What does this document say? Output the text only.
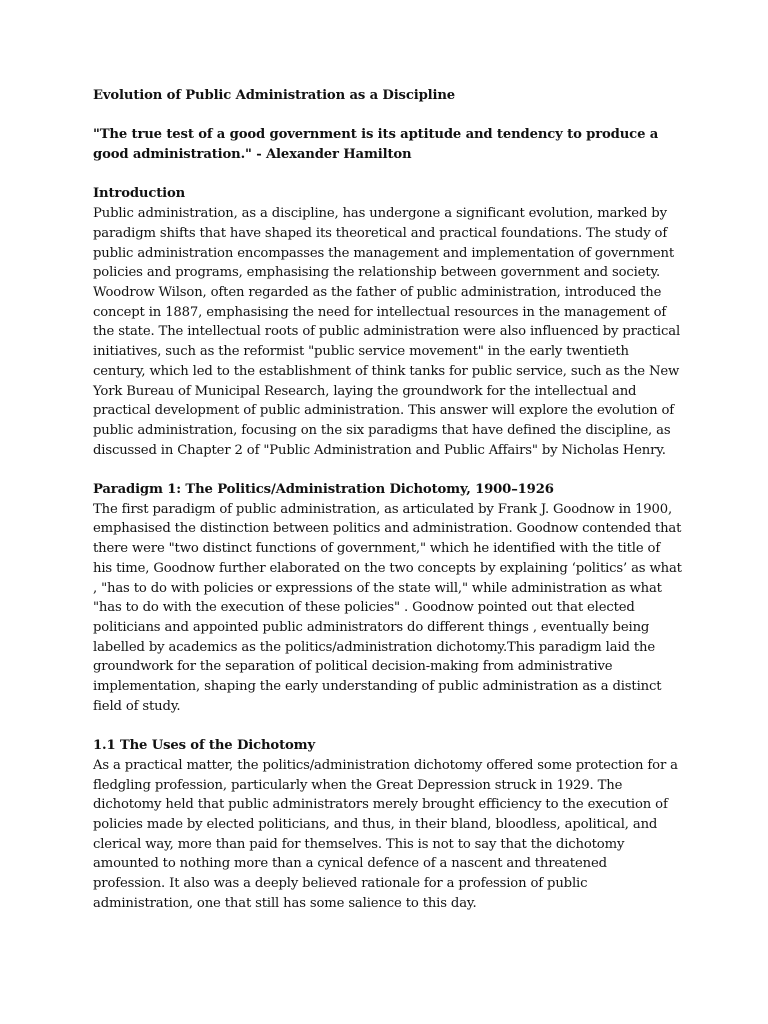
Evolution of Public Administration as a Discipline

"The true test of a good government is its aptitude and tendency to produce a good administration." - Alexander Hamilton

Introduction

Public administration, as a discipline, has undergone a significant evolution, marked by paradigm shifts that have shaped its theoretical and practical foundations. The study of public administration encompasses the management and implementation of government policies and programs, emphasising the relationship between government and society. Woodrow Wilson, often regarded as the father of public administration, introduced the concept in 1887, emphasising the need for intellectual resources in the management of the state. The intellectual roots of public administration were also influenced by practical initiatives, such as the reformist "public service movement" in the early twentieth century, which led to the establishment of think tanks for public service, such as the New York Bureau of Municipal Research, laying the groundwork for the intellectual and practical development of public administration. This answer will explore the evolution of public administration, focusing on the six paradigms that have defined the discipline, as discussed in Chapter 2 of "Public Administration and Public Affairs" by Nicholas Henry.

Paradigm 1: The Politics/Administration Dichotomy, 1900–1926

The first paradigm of public administration, as articulated by Frank J. Goodnow in 1900, emphasised the distinction between politics and administration. Goodnow contended that there were "two distinct functions of government," which he identified with the title of his time, Goodnow further elaborated on the two concepts by explaining ‘politics’ as what , "has to do with policies or expressions of the state will," while administration as what "has to do with the execution of these policies" . Goodnow pointed out that elected politicians and appointed public administrators do different things , eventually being labelled by academics as the politics/administration dichotomy.This paradigm laid the groundwork for the separation of political decision-making from administrative implementation, shaping the early understanding of public administration as a distinct field of study.

1.1 The Uses of the Dichotomy

As a practical matter, the politics/administration dichotomy offered some protection for a fledgling profession, particularly when the Great Depression struck in 1929. The dichotomy held that public administrators merely brought efficiency to the execution of policies made by elected politicians, and thus, in their bland, bloodless, apolitical, and clerical way, more than paid for themselves. This is not to say that the dichotomy amounted to nothing more than a cynical defence of a nascent and threatened profession. It also was a deeply believed rationale for a profession of public administration, one that still has some salience to this day.
